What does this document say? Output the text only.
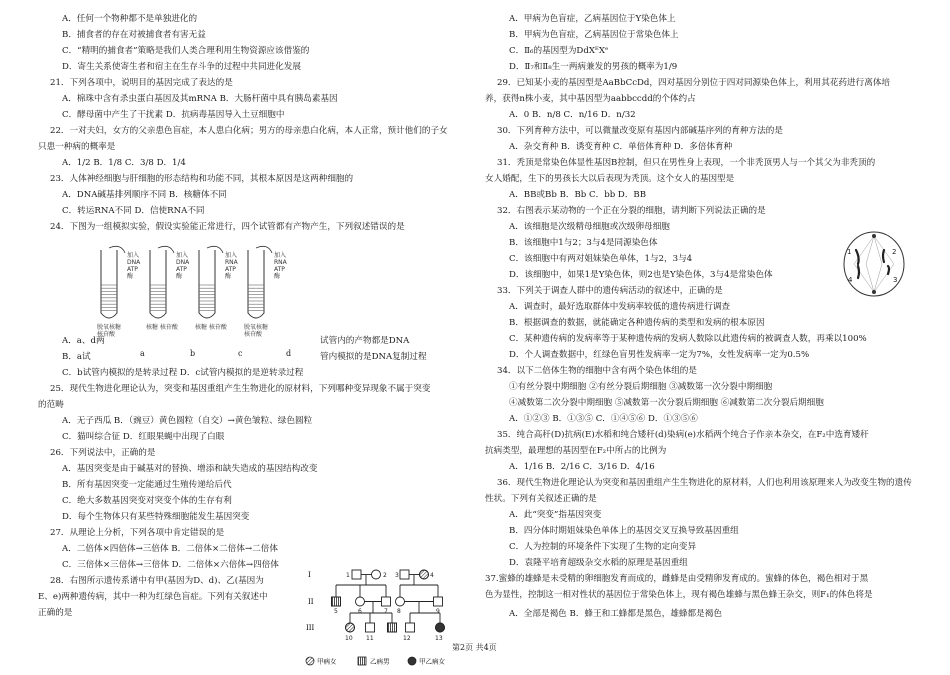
A．任何一个物种都不是单独进化的
B．捕食者的存在对被捕食者有害无益
C．“精明的捕食者”策略是我们人类合理利用生物资源应该借鉴的
D．寄生关系使寄生者和宿主在生存斗争的过程中共同进化发展
21．下列各项中，说明目的基因完成了表达的是
A．棉珠中含有杀虫蛋白基因及其mRNA B．大肠杆菌中具有胰岛素基因
C．酵母菌中产生了干扰素 D．抗病毒基因导入土豆细胞中
22．一对夫妇，女方的父亲患色盲症，本人患白化病；男方的母亲患白化病，本人正常，预计他们的子女
只患一种病的概率是
A．1/2 B．1/8 C．3/8 D．1/4
23．人体神经细胞与肝细胞的形态结构和功能不同，其根本原因是这两种细胞的
A．DNA碱基排列顺序不同 B．核糖体不同
C．转运RNA不同 D．信使RNA不同
24．下图为一组模拟实验，假设实验能正常进行，四个试管都有产物产生，下列叙述错误的是
A．a、d两
B．a试
C．b试管内模拟的是转录过程 D．c试管内模拟的是逆转录过程
25．现代生物进化理论认为，突变和基因重组产生生物进化的原材料，下列哪种变异现象不属于突变
的范畴
A．无子西瓜 B．（豌豆）黄色圆粒（自交）→黄色皱粒、绿色圆粒
C．猫叫综合征 D．红眼果蝇中出现了白眼
26．下列说法中，正确的是
A．基因突变是由于碱基对的替换、增添和缺失造成的基因结构改变
B．所有基因突变一定能通过生殖传递给后代
C．绝大多数基因突变对突变个体的生存有利
D．每个生物体只有某些特殊细胞能发生基因突变
27．从理论上分析，下列各项中肯定错误的是
A．二倍体×四倍体→三倍体 B．二倍体×二倍体→二倍体
C．三倍体×三倍体→三倍体 D．二倍体×六倍体→四倍体
28．右图所示遗传系谱中有甲(基因为D、d)、乙(基因为
E、e)两种遗传病，其中一种为红绿色盲症。下列有关叙述中
正确的是
试管内的产物都是DNA
管内模拟的是DNA复制过程
加入
DNA
ATP
酶
脱氧核糖
核苷酸
加入
DNA
ATP
酶
核糖 核苷酸
加入
RNA
ATP
酶
核糖 核苷酸
加入
RNA
ATP
酶
脱氧核糖
核苷酸
a	b	c	d
I
II
III
1	2 3	4
5	6	7 8	9
10 11	12	13
甲病女	乙病男	甲乙病女
A．甲病为色盲症，乙病基因位于Y染色体上
B．甲病为色盲症，乙病基因位于常染色体上
C．Ⅱ₆的基因型为DdXᴱXᵉ
D．Ⅱ₇和Ⅱ₈生一两病兼发的男孩的概率为1/9
29．已知某小麦的基因型是AaBbCcDd，四对基因分别位于四对同源染色体上，利用其花药进行离体培
养，获得n株小麦，其中基因型为aabbccdd的个体约占
A．0 B．n/8 C．n/16 D．n/32
30．下列育种方法中，可以微量改变原有基因内部碱基序列的育种方法的是
A．杂交育种 B．诱变育种 C．单倍体育种 D．多倍体育种
31．秃顶是常染色体显性基因B控制，但只在男性身上表现，一个非秃顶男人与一个其父为非秃顶的
女人婚配，生下的男孩长大以后表现为秃顶。这个女人的基因型是
A．BB或Bb B．Bb C．bb D．BB
32．右图表示某动物的一个正在分裂的细胞，请判断下列说法正确的是
A．该细胞是次级精母细胞或次级卵母细胞
B．该细胞中1与2；3与4是同源染色体
C．该细胞中有两对姐妹染色单体，1与2，3与4
D．该细胞中，如果1是Y染色体，则2也是Y染色体，3与4是常染色体
33．下列关于调查人群中的遗传病活动的叙述中，正确的是
A．调查时，最好选取群体中发病率较低的遗传病进行调查
B．根据调查的数据，就能确定各种遗传病的类型和发病的根本原因
C．某种遗传病的发病率等于某种遗传病的发病人数除以此遗传病的被调查人数，再乘以100%
D．个人调查数据中，红绿色盲男性发病率一定为7%，女性发病率一定为0.5%
34．以下二倍体生物的细胞中含有两个染色体组的是
①有丝分裂中期细胞 ②有丝分裂后期细胞 ③减数第一次分裂中期细胞
④减数第二次分裂中期细胞 ⑤减数第一次分裂后期细胞 ⑥减数第二次分裂后期细胞
A．①②③ B．①③⑤ C．①④⑤⑥ D．①③⑤⑥
35．纯合高秆(D)抗病(E)水稻和纯合矮秆(d)染病(e)水稻两个纯合子作亲本杂交，在F₂中选育矮秆
抗病类型，最理想的基因型在F₂中所占的比例为
A．1/16 B．2/16 C．3/16 D．4/16
36．现代生物进化理论认为突变和基因重组产生生物进化的原材料，人们也利用该原理来人为改变生物的遗传
性状。下列有关叙述正确的是
A．此“突变”指基因突变
B．四分体时期姐妹染色单体上的基因交叉互换导致基因重组
C．人为控制的环境条件下实现了生物的定向变异
D．袁隆平培育超级杂交水稻的原理是基因重组
37.蜜蜂的雄蜂是未受精的卵细胞发育而成的，雌蜂是由受精卵发育成的。蜜蜂的体色，褐色相对于黑
色为显性，控制这一相对性状的基因位于常染色体上，现有褐色雄蜂与黑色蜂王杂交，则F₁的体色将是
A．全部是褐色 B．蜂王和工蜂都是黑色，雄蜂都是褐色
1	2
3
4
第2页 共4页
